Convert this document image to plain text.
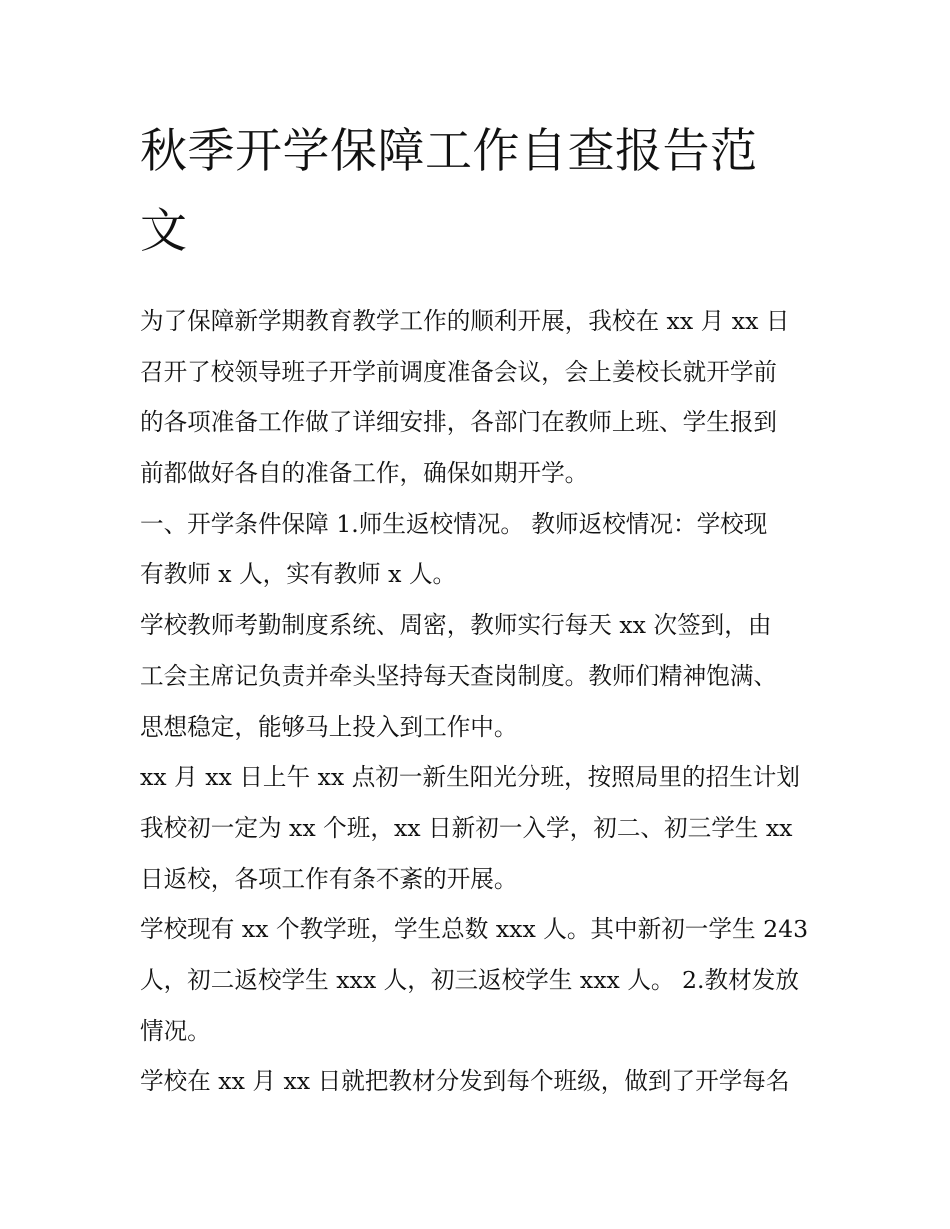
秋季开学保障工作自查报告范
文
为了保障新学期教育教学工作的顺利开展，我校在 xx 月 xx 日
召开了校领导班子开学前调度准备会议，会上姜校长就开学前
的各项准备工作做了详细安排，各部门在教师上班、学生报到
前都做好各自的准备工作，确保如期开学。
一、开学条件保障 1.师生返校情况。 教师返校情况：学校现
有教师 x 人，实有教师 x 人。
学校教师考勤制度系统、周密，教师实行每天 xx 次签到，由
工会主席记负责并牵头坚持每天查岗制度。教师们精神饱满、
思想稳定，能够马上投入到工作中。
xx 月 xx 日上午 xx 点初一新生阳光分班，按照局里的招生计划
我校初一定为 xx 个班，xx 日新初一入学，初二、初三学生 xx
日返校，各项工作有条不紊的开展。
学校现有 xx 个教学班，学生总数 xxx 人。其中新初一学生 243
人，初二返校学生 xxx 人，初三返校学生 xxx 人。 2.教材发放
情况。
学校在 xx 月 xx 日就把教材分发到每个班级，做到了开学每名
